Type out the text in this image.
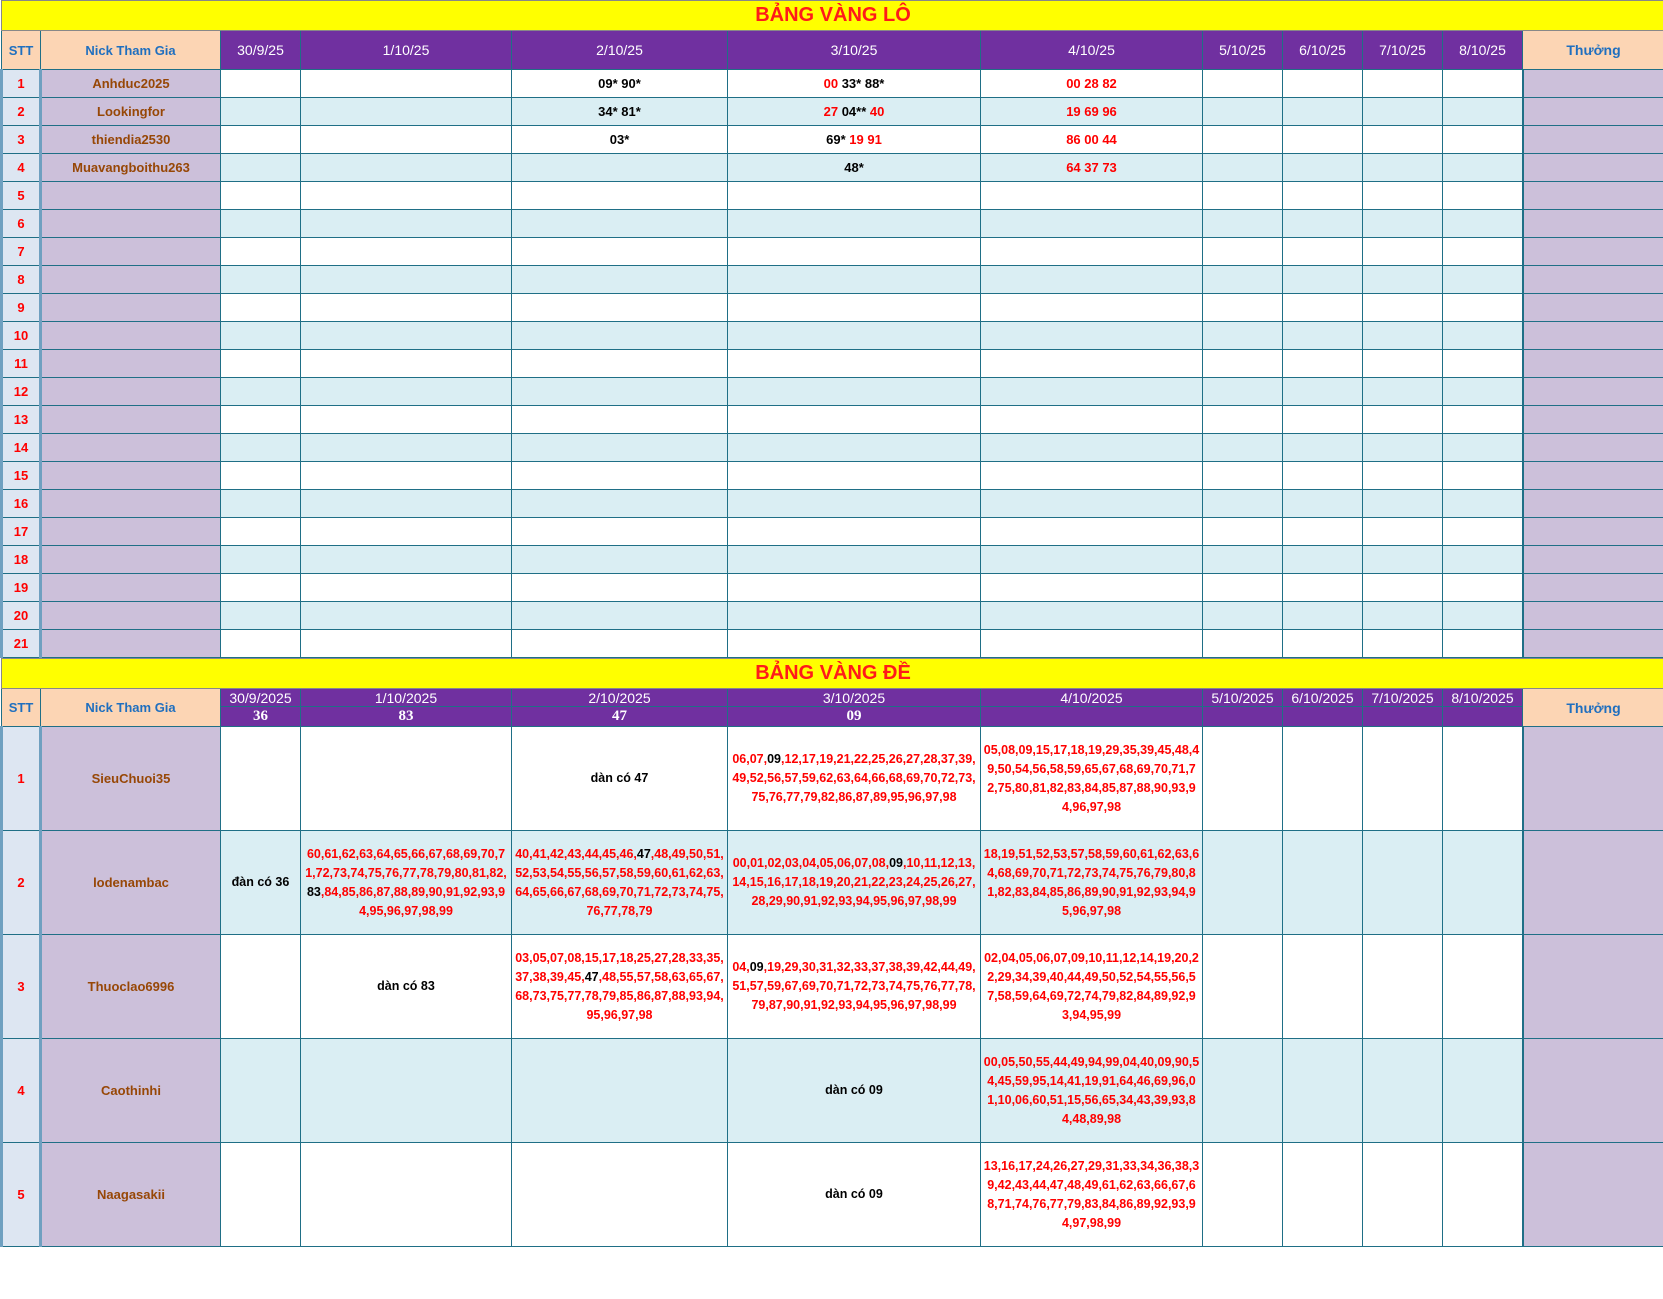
BẢNG VÀNG LÔ											
STT	Nick Tham Gia	30/9/25	1/10/25	2/10/25	3/10/25	4/10/25	5/10/25	6/10/25	7/10/25	8/10/25	Thưởng
1	Anhduc2025			09* 90*	00 33* 88*	00 28 82					

2	Lookingfor			34* 81*	27 04** 40	19 69 96					

3	thiendia2530			03*	69* 19 91	86 00 44					

4	Muavangboithu263				48*	64 37 73					

5		

6		

7		

8		

9		

10		

11		

12		

13		

14		

15		

16		

17		

18		

19		

20		

21		

BẢNG VÀNG ĐỀ											
STT	Nick Tham Gia	30/9/2025	1/10/2025	2/10/2025	3/10/2025	4/10/2025	5/10/2025	6/10/2025	7/10/2025	8/10/2025	Thưởng
		36	83	47	09						
1	SieuChuoi35			dàn có 47	06,07,09,12,17,19,21,22,25,26,27,28,37,39,49,52,56,57,59,62,63,64,66,68,69,70,72,73,75,76,77,79,82,86,87,89,95,96,97,98	05,08,09,15,17,18,19,29,35,39,45,48,49,50,54,56,58,59,65,67,68,69,70,71,72,75,80,81,82,83,84,85,87,88,90,93,94,96,97,98					

2	lodenambac	đàn có 36	60,61,62,63,64,65,66,67,68,69,70,71,72,73,74,75,76,77,78,79,80,81,82,83,84,85,86,87,88,89,90,91,92,93,94,95,96,97,98,99	40,41,42,43,44,45,46,47,48,49,50,51,52,53,54,55,56,57,58,59,60,61,62,63,64,65,66,67,68,69,70,71,72,73,74,75,76,77,78,79	00,01,02,03,04,05,06,07,08,09,10,11,12,13,14,15,16,17,18,19,20,21,22,23,24,25,26,27,28,29,90,91,92,93,94,95,96,97,98,99	18,19,51,52,53,57,58,59,60,61,62,63,64,68,69,70,71,72,73,74,75,76,79,80,81,82,83,84,85,86,89,90,91,92,93,94,95,96,97,98					

3	Thuoclao6996		dàn có 83	03,05,07,08,15,17,18,25,27,28,33,35,37,38,39,45,47,48,55,57,58,63,65,67,68,73,75,77,78,79,85,86,87,88,93,94,95,96,97,98	04,09,19,29,30,31,32,33,37,38,39,42,44,49,51,57,59,67,69,70,71,72,73,74,75,76,77,78,79,87,90,91,92,93,94,95,96,97,98,99	02,04,05,06,07,09,10,11,12,14,19,20,22,29,34,39,40,44,49,50,52,54,55,56,57,58,59,64,69,72,74,79,82,84,89,92,93,94,95,99					

4	Caothinhi				dàn có 09	00,05,50,55,44,49,94,99,04,40,09,90,54,45,59,95,14,41,19,91,64,46,69,96,01,10,06,60,51,15,56,65,34,43,39,93,84,48,89,98					

5	Naagasakii				dàn có 09	13,16,17,24,26,27,29,31,33,34,36,38,39,42,43,44,47,48,49,61,62,63,66,67,68,71,74,76,77,79,83,84,86,89,92,93,94,97,98,99					
